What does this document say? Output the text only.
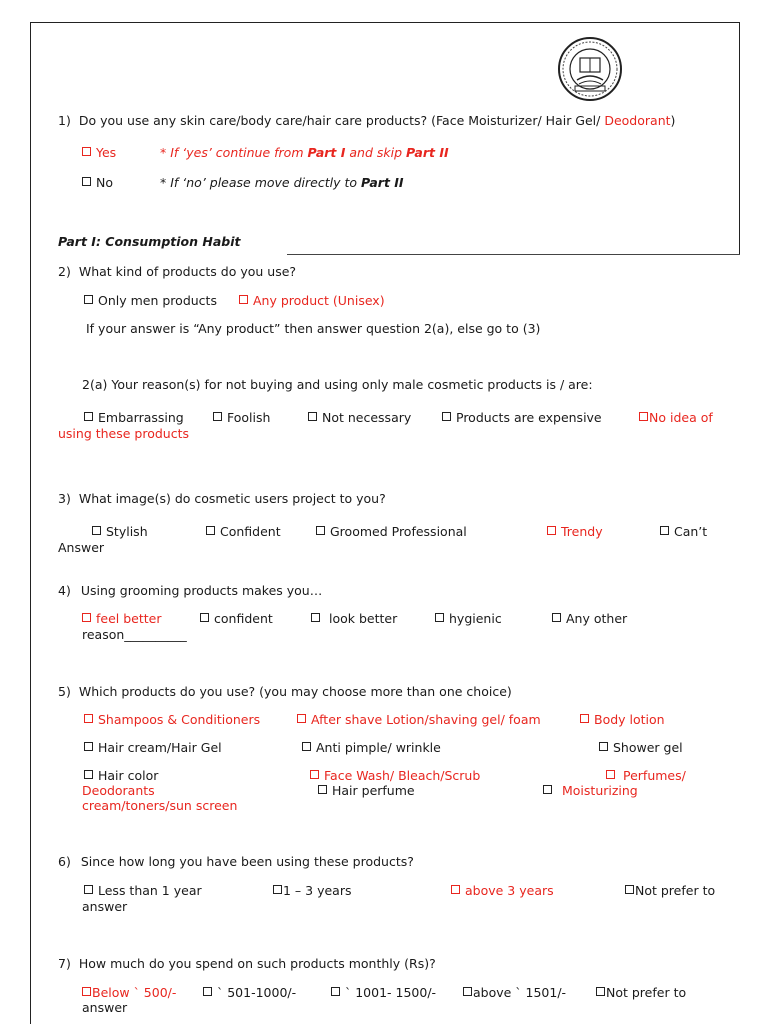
1) Do you use any skin care/body care/hair care products? (Face Moisturizer/ Hair Gel/ Deodorant)
Yes	* If ‘yes’ continue from Part I and skip Part II
No	* If ‘no’ please move directly to Part II
Part I: Consumption Habit
2) What kind of products do you use?
Only men products	Any product (Unisex)
If your answer is “Any product” then answer question 2(a), else go to (3)
2(a) Your reason(s) for not buying and using only male cosmetic products is / are:
Embarrassing	Foolish	Not necessary	Products are expensive	No idea of
using these products
3) What image(s) do cosmetic users project to you?
Stylish	Confident	Groomed Professional	Trendy	Can’t
Answer
4) Using grooming products makes you…
feel better	confident	look better	hygienic	Any other
reason__________
5) Which products do you use? (you may choose more than one choice)
Shampoos & Conditioners	After shave Lotion/shaving gel/ foam	Body lotion
Hair cream/Hair Gel	Anti pimple/ wrinkle	Shower gel
Hair color	Face Wash/ Bleach/Scrub	Perfumes/
Deodorants	Hair perfume	Moisturizing
cream/toners/sun screen
6) Since how long you have been using these products?
Less than 1 year	1 – 3 years	above 3 years	Not prefer to
answer
7) How much do you spend on such products monthly (Rs)?
Below ` 500/-	` 501-1000/-	` 1001- 1500/-	above ` 1501/-	Not prefer to
answer
